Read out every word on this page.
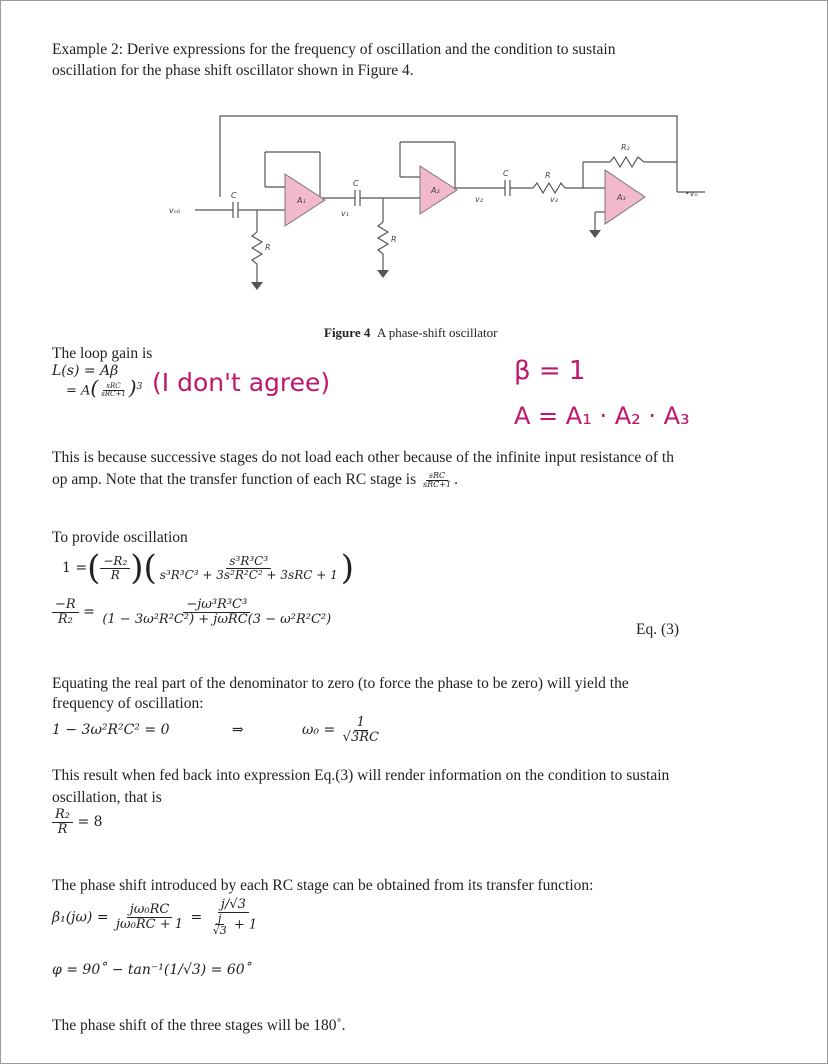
Example 2: Derive expressions for the frequency of oscillation and the condition to sustain
oscillation for the phase shift oscillator shown in Figure 4.
vₒ₀
C
R
A₁
v₁
C
R
A₂
v₂
C	R
v₃
R₂
A₃	•vₒ
Figure 4 A phase-shift oscillator
The loop gain is
L(s) = Aβ
= $A( \frac{\text{sRC}}{\text{sRC+1}} )^3$ (I don't agree)	β = 1
A = A₁ · A₂ · A₃
This is because successive stages do not load each other because of the infinite input resistance of th
op amp. Note that the transfer function of each RC stage is $\frac{\text{sRC}}{\text{sRC+1}}$ .
To provide oscillation
1 =( $\frac{\text{−R₂}}{R}$ )( $\frac{\text{s³R³C³}}{\text{s³R³C³ + 3s²R²C² + 3sRC + 1}}$ )
$\frac{-R}{\text{R₂}} = \frac{\text{−jω³R³C³}}{\text{(1 − 3ω²R²C²) + jωRC(3 − ω²R²C²)}}$
Eq. (3)
Equating the real part of the denominator to zero (to force the phase to be zero) will yield the
frequency of oscillation:
1 − 3ω²R²C² = 0	⇒	$\omega_0 = \frac{1}{√3RC}$
This result when fed back into expression Eq.(3) will render information on the condition to sustain
oscillation, that is
$\frac{\text{R₂}}{R} = 8$
The phase shift introduced by each RC stage can be obtained from its transfer function:
$\beta_1(j\omega) = \frac{\text{jω₀RC}}{\text{jω₀RC + 1}} = \frac{j/√3}{\frac{j}{√3} + 1}$
φ = 90˚ − tan⁻¹(1/√3) = 60˚
The phase shift of the three stages will be 180˚.
